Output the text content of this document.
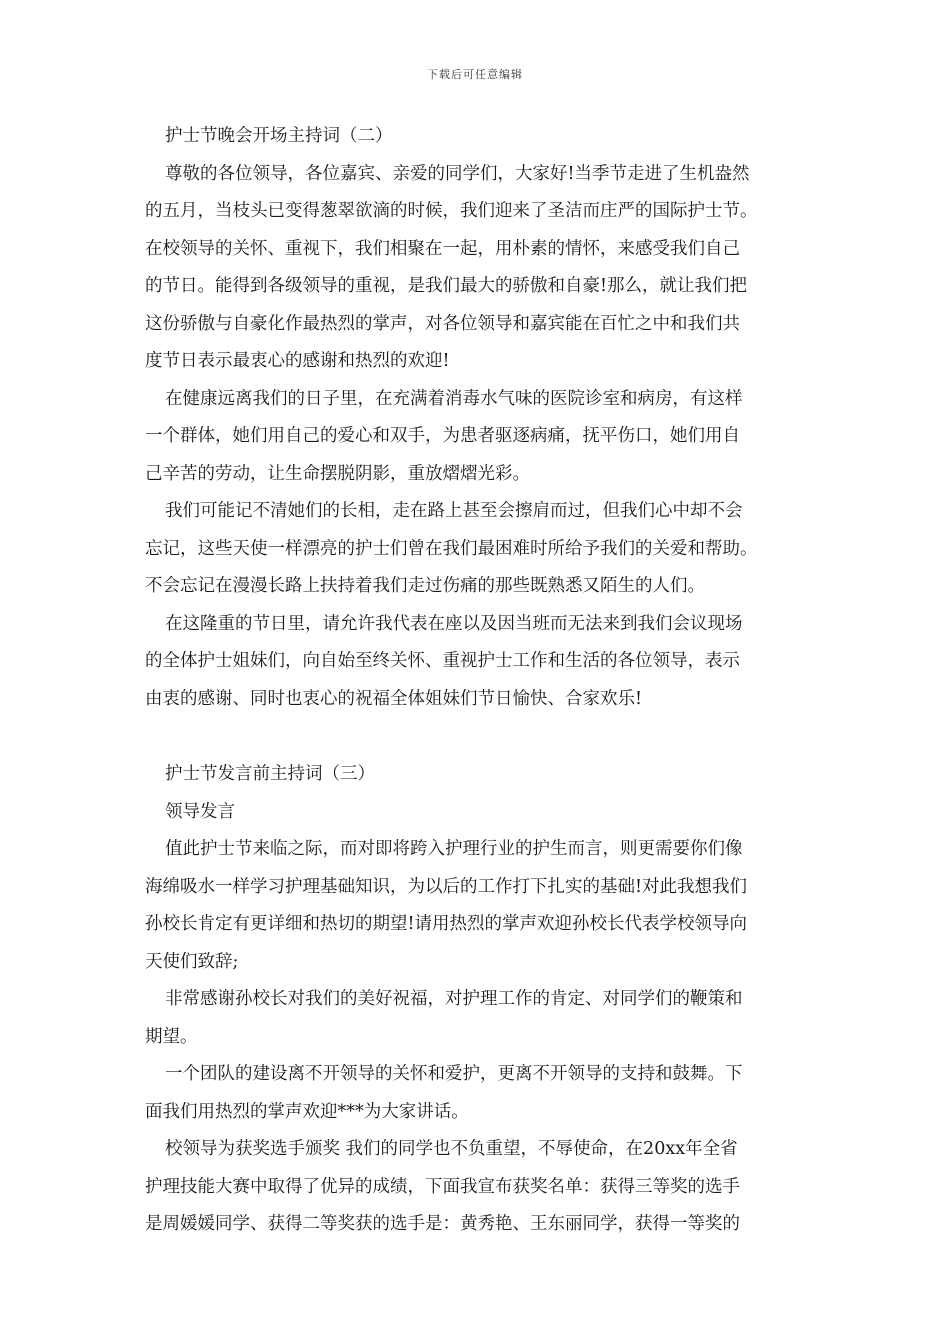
下载后可任意编辑
护士节晚会开场主持词（二）
尊敬的各位领导，各位嘉宾、亲爱的同学们，大家好!当季节走进了生机盎然
的五月，当枝头已变得葱翠欲滴的时候，我们迎来了圣洁而庄严的国际护士节。
在校领导的关怀、重视下，我们相聚在一起，用朴素的情怀，来感受我们自己
的节日。能得到各级领导的重视，是我们最大的骄傲和自豪!那么，就让我们把
这份骄傲与自豪化作最热烈的掌声，对各位领导和嘉宾能在百忙之中和我们共
度节日表示最衷心的感谢和热烈的欢迎!
在健康远离我们的日子里，在充满着消毒水气味的医院诊室和病房，有这样
一个群体，她们用自己的爱心和双手，为患者驱逐病痛，抚平伤口，她们用自
己辛苦的劳动，让生命摆脱阴影，重放熠熠光彩。
我们可能记不清她们的长相，走在路上甚至会擦肩而过，但我们心中却不会
忘记，这些天使一样漂亮的护士们曾在我们最困难时所给予我们的关爱和帮助。
不会忘记在漫漫长路上扶持着我们走过伤痛的那些既熟悉又陌生的人们。
在这隆重的节日里，请允许我代表在座以及因当班而无法来到我们会议现场
的全体护士姐妹们，向自始至终关怀、重视护士工作和生活的各位领导，表示
由衷的感谢、同时也衷心的祝福全体姐妹们节日愉快、合家欢乐!
护士节发言前主持词（三）
领导发言
值此护士节来临之际，而对即将跨入护理行业的护生而言，则更需要你们像
海绵吸水一样学习护理基础知识，为以后的工作打下扎实的基础!对此我想我们
孙校长肯定有更详细和热切的期望!请用热烈的掌声欢迎孙校长代表学校领导向
天使们致辞;
非常感谢孙校长对我们的美好祝福，对护理工作的肯定、对同学们的鞭策和
期望。
一个团队的建设离不开领导的关怀和爱护，更离不开领导的支持和鼓舞。下
面我们用热烈的掌声欢迎***为大家讲话。
校领导为获奖选手颁奖 我们的同学也不负重望，不辱使命，在20xx年全省
护理技能大赛中取得了优异的成绩，下面我宣布获奖名单：获得三等奖的选手
是周媛媛同学、获得二等奖获的选手是：黄秀艳、王东丽同学，获得一等奖的
